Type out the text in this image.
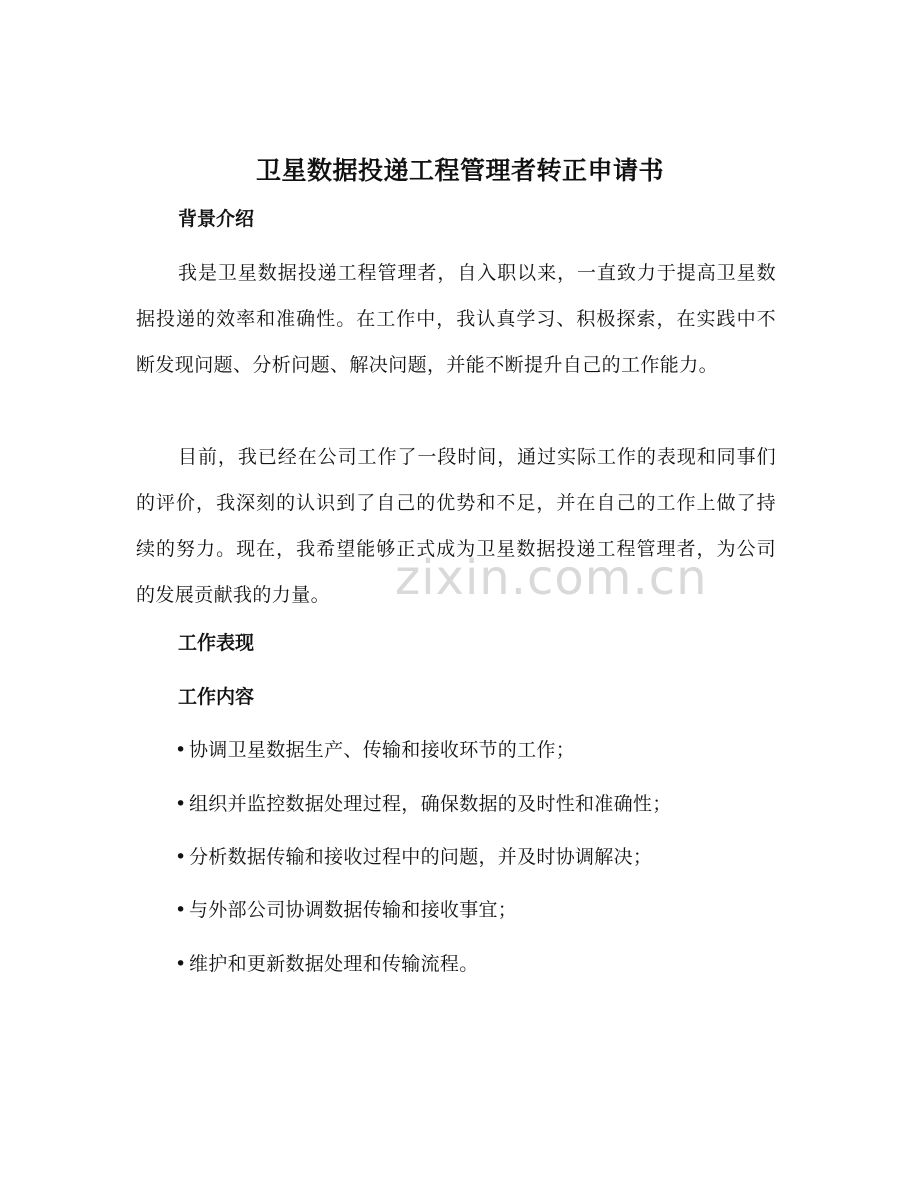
卫星数据投递工程管理者转正申请书
背景介绍
我是卫星数据投递工程管理者，自入职以来，一直致力于提高卫星数据投递的效率和准确性。在工作中，我认真学习、积极探索，在实践中不断发现问题、分析问题、解决问题，并能不断提升自己的工作能力。
目前，我已经在公司工作了一段时间，通过实际工作的表现和同事们的评价，我深刻的认识到了自己的优势和不足，并在自己的工作上做了持续的努力。现在，我希望能够正式成为卫星数据投递工程管理者，为公司的发展贡献我的力量。
工作表现
工作内容
• 协调卫星数据生产、传输和接收环节的工作；
• 组织并监控数据处理过程，确保数据的及时性和准确性；
• 分析数据传输和接收过程中的问题，并及时协调解决；
• 与外部公司协调数据传输和接收事宜；
• 维护和更新数据处理和传输流程。
zixin.com.cn
